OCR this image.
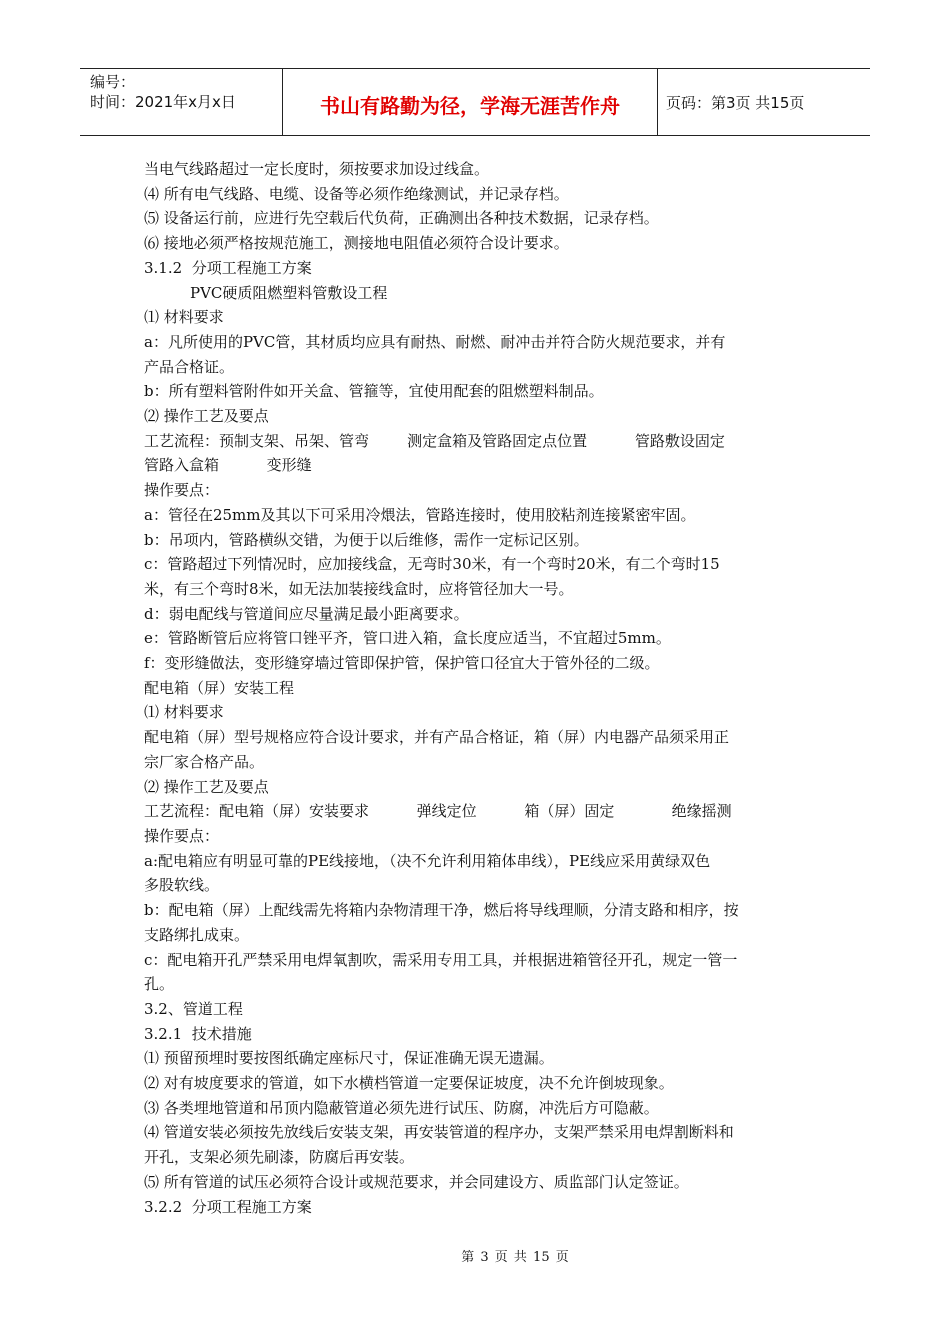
编号：
时间：2021年x月x日	书山有路勤为径，学海无涯苦作舟	页码：第3页 共15页

当电气线路超过一定长度时，须按要求加设过线盒。

⑷ 所有电气线路、电缆、设备等必须作绝缘测试，并记录存档。

⑸ 设备运行前，应进行先空载后代负荷，正确测出各种技术数据，记录存档。

⑹ 接地必须严格按规范施工，测接地电阻值必须符合设计要求。

3.1.2  分项工程施工方案

PVC硬质阻燃塑料管敷设工程

⑴ 材料要求

a：凡所使用的PVC管，其材质均应具有耐热、耐燃、耐冲击并符合防火规范要求，并有

产品合格证。

b：所有塑料管附件如开关盒、管箍等，宜使用配套的阻燃塑料制品。

⑵ 操作工艺及要点

工艺流程：预制支架、吊架、管弯        测定盒箱及管路固定点位置          管路敷设固定

管路入盒箱          变形缝

操作要点：

a：管径在25mm及其以下可采用冷煨法，管路连接时，使用胶粘剂连接紧密牢固。

b：吊项内，管路横纵交错，为便于以后维修，需作一定标记区别。

c：管路超过下列情况时，应加接线盒，无弯时30米，有一个弯时20米，有二个弯时15

米，有三个弯时8米，如无法加装接线盒时，应将管径加大一号。

d：弱电配线与管道间应尽量满足最小距离要求。

e：管路断管后应将管口锉平齐，管口进入箱，盒长度应适当，不宜超过5mm。

f：变形缝做法，变形缝穿墙过管即保护管，保护管口径宜大于管外径的二级。

配电箱（屏）安装工程

⑴ 材料要求

配电箱（屏）型号规格应符合设计要求，并有产品合格证，箱（屏）内电器产品须采用正

宗厂家合格产品。

⑵ 操作工艺及要点

工艺流程：配电箱（屏）安装要求          弹线定位          箱（屏）固定            绝缘摇测

操作要点：

a:配电箱应有明显可靠的PE线接地，（决不允许利用箱体串线），PE线应采用黄绿双色

多股软线。

b：配电箱（屏）上配线需先将箱内杂物清理干净，燃后将导线理顺，分清支路和相序，按

支路绑扎成束。

c：配电箱开孔严禁采用电焊氧割吹，需采用专用工具，并根据进箱管径开孔，规定一管一

孔。

3.2、管道工程

3.2.1  技术措施

⑴ 预留预埋时要按图纸确定座标尺寸，保证准确无误无遗漏。

⑵ 对有坡度要求的管道，如下水横档管道一定要保证坡度，决不允许倒坡现象。

⑶ 各类埋地管道和吊顶内隐蔽管道必须先进行试压、防腐，冲洗后方可隐蔽。

⑷ 管道安装必须按先放线后安装支架，再安装管道的程序办，支架严禁采用电焊割断料和

开孔，支架必须先刷漆，防腐后再安装。

⑸ 所有管道的试压必须符合设计或规范要求，并会同建设方、质监部门认定签证。

3.2.2  分项工程施工方案

第 3 页 共 15 页
